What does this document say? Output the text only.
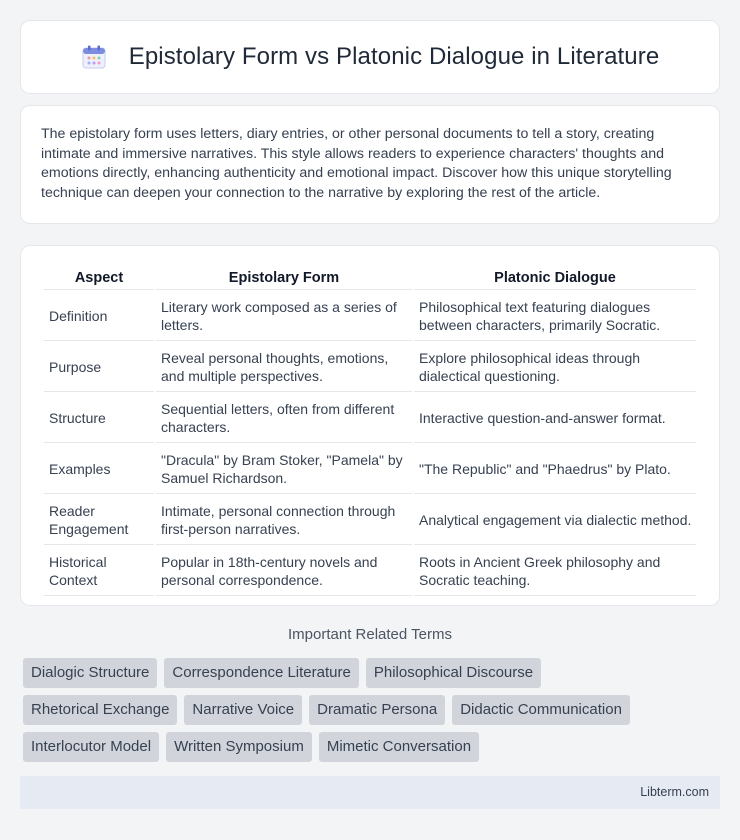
Epistolary Form vs Platonic Dialogue in Literature

The epistolary form uses letters, diary entries, or other personal documents to tell a story, creating intimate and immersive narratives. This style allows readers to experience characters' thoughts and emotions directly, enhancing authenticity and emotional impact. Discover how this unique storytelling technique can deepen your connection to the narrative by exploring the rest of the article.

Aspect	Epistolary Form	Platonic Dialogue
Definition	Literary work composed as a series of letters.	Philosophical text featuring dialogues between characters, primarily Socratic.
Purpose	Reveal personal thoughts, emotions, and multiple perspectives.	Explore philosophical ideas through dialectical questioning.
Structure	Sequential letters, often from different characters.	Interactive question-and-answer format.
Examples	"Dracula" by Bram Stoker, "Pamela" by Samuel Richardson.	"The Republic" and "Phaedrus" by Plato.
Reader Engagement	Intimate, personal connection through first-person narratives.	Analytical engagement via dialectic method.
Historical Context	Popular in 18th-century novels and personal correspondence.	Roots in Ancient Greek philosophy and Socratic teaching.
Important Related Terms
Dialogic Structure	Correspondence Literature	Philosophical Discourse
Rhetorical Exchange	Narrative Voice	Dramatic Persona	Didactic Communication
Interlocutor Model	Written Symposium	Mimetic Conversation
Libterm.com
